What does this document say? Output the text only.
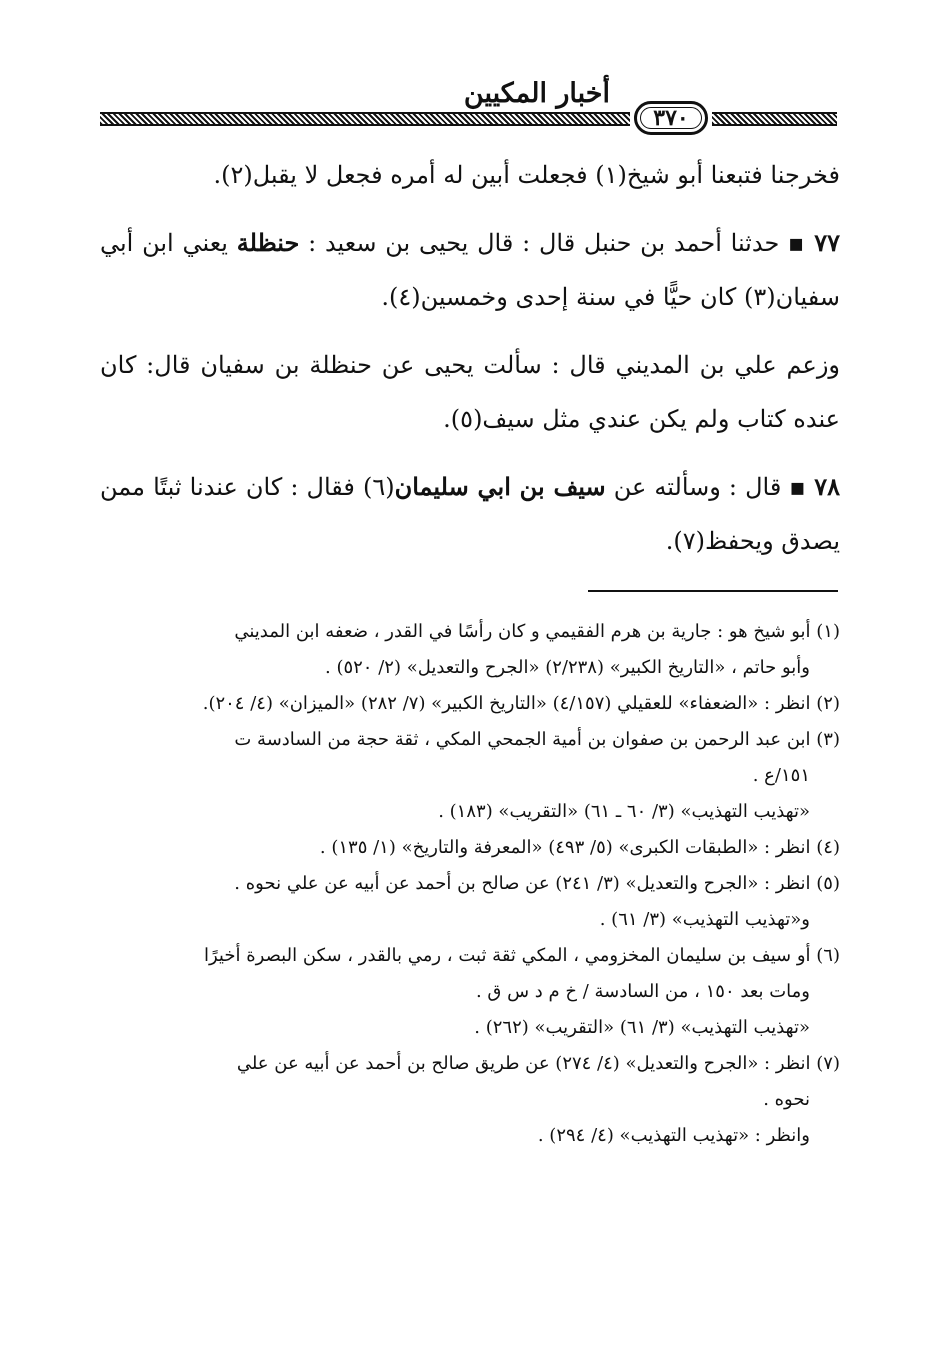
أخبار المكيين
٣٧٠

فخرجنا فتبعنا أبو شيخ(١) فجعلت أبين له أمره فجعل لا يقبل(٢).

٧٧ ▪ حدثنا أحمد بن حنبل قال : قال يحيى بن سعيد : حنظلة يعني ابن أبي سفيان(٣) كان حيًّا في سنة إحدى وخمسين(٤).

وزعم علي بن المديني قال : سألت يحيى عن حنظلة بن سفيان قال: كان عنده كتاب ولم يكن عندي مثل سيف(٥).

٧٨ ▪ قال : وسألته عن سيف بن ابي سليمان(٦) فقال : كان عندنا ثبتًا ممن يصدق ويحفظ(٧).

(١) أبو شيخ هو : جارية بن هرم الفقيمي و كان رأسًا في القدر ، ضعفه ابن المديني
وأبو حاتم ، «التاريخ الكبير» (٢/٢٣٨) «الجرح والتعديل» (٢/ ٥٢٠) .

(٢) انظر : «الضعفاء» للعقيلي (٤/١٥٧) «التاريخ الكبير» (٧/ ٢٨٢) «الميزان» (٤/ ٢٠٤).

(٣) ابن عبد الرحمن بن صفوان بن أمية الجمحي المكي ، ثقة حجة من السادسة ت
١٥١/ع .
«تهذيب التهذيب» (٣/ ٦٠ ـ ٦١) «التقريب» (١٨٣) .

(٤) انظر : «الطبقات الكبرى» (٥/ ٤٩٣) «المعرفة والتاريخ» (١/ ١٣٥) .

(٥) انظر : «الجرح والتعديل» (٣/ ٢٤١) عن صالح بن أحمد عن أبيه عن علي نحوه .
و«تهذيب التهذيب» (٣/ ٦١) .

(٦) أو سيف بن سليمان المخزومي ، المكي ثقة ثبت ، رمي بالقدر ، سكن البصرة أخيرًا
ومات بعد ١٥٠ ، من السادسة / خ م د س ق .
«تهذيب التهذيب» (٣/ ٦١) «التقريب» (٢٦٢) .

(٧) انظر : «الجرح والتعديل» (٤/ ٢٧٤) عن طريق صالح بن أحمد عن أبيه عن علي
نحوه .
وانظر : «تهذيب التهذيب» (٤/ ٢٩٤) .
